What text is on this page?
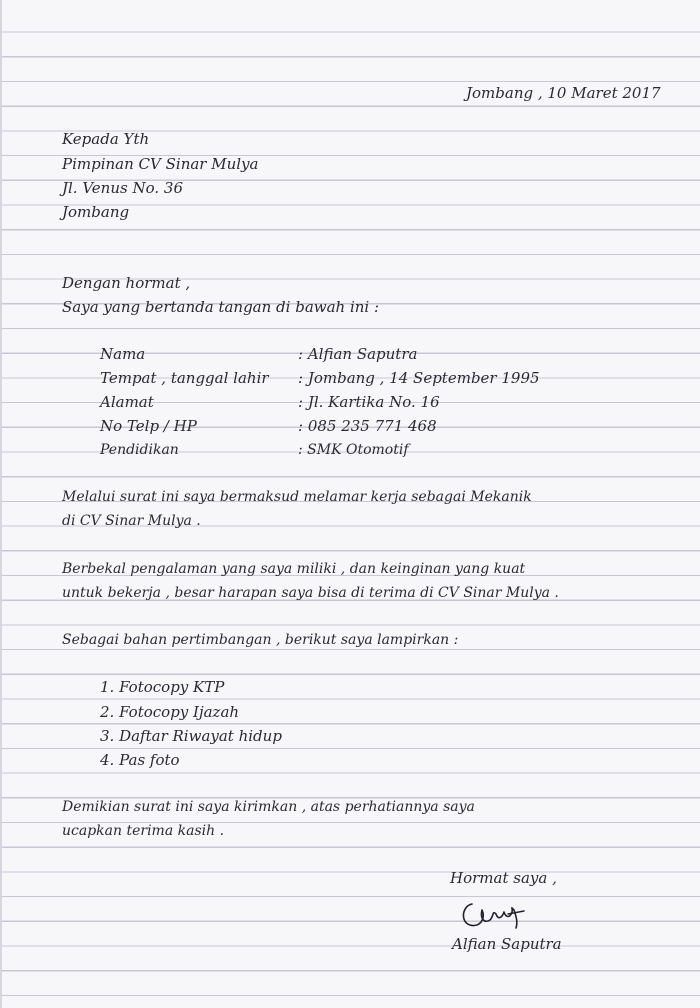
Jombang , 10 Maret 2017
Kepada Yth
Pimpinan CV Sinar Mulya
Jl. Venus No. 36
Jombang
Dengan hormat ,
Saya yang bertanda tangan di bawah ini :
Nama	: Alfian Saputra
Tempat , tanggal lahir : Jombang , 14 September 1995
Alamat	: Jl. Kartika No. 16
No Telp / HP	: 085 235 771 468
Pendidikan	: SMK Otomotif
Melalui surat ini saya bermaksud melamar kerja sebagai Mekanik
di CV Sinar Mulya .
Berbekal pengalaman yang saya miliki , dan keinginan yang kuat
untuk bekerja , besar harapan saya bisa di terima di CV Sinar Mulya .
Sebagai bahan pertimbangan , berikut saya lampirkan :
1. Fotocopy KTP
2. Fotocopy Ijazah
3. Daftar Riwayat hidup
4. Pas foto
Demikian surat ini saya kirimkan , atas perhatiannya saya
ucapkan terima kasih .
Hormat saya ,
Alfian Saputra
